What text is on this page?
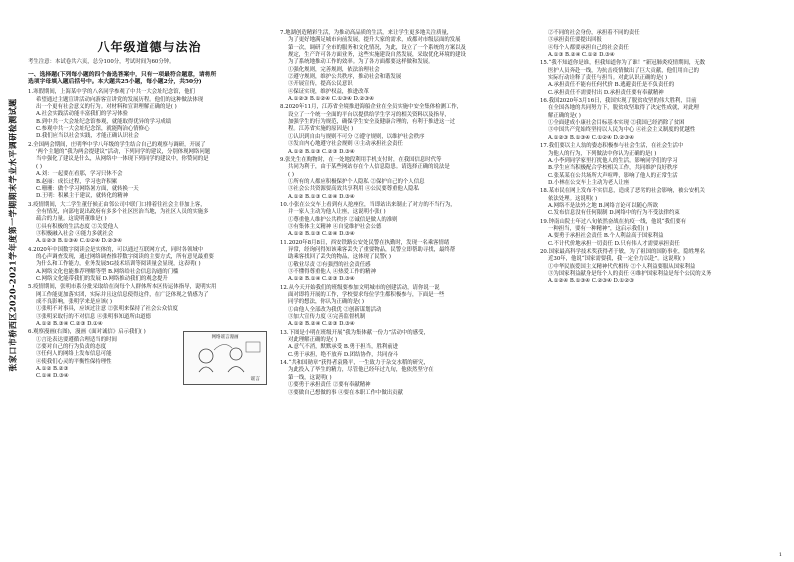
张家口市桥西区2020-2021学年度第一学期期末学业水平调研检测试题
八年级道德与法治
考生注意：本试卷共六页，总分100分，考试时间为60分钟。
一、选择题(下列每小题的四个备选答案中，只有一项最符合题意，请将所
选项字母填入题后括号中。本大题共25小题，每小题2分，共50分)
1.寒假期间，上海某中学的八名同学参观了中共一大会址纪念馆，他们
希望通过主题宣讲活动向游客宣讲党的发展历程。他们的这种做法体现
出一个更有社会意义的行为。对材料和宣讲理解正确的是( )
A.社会实践活动能丰富我们的学习体验
B.到中共一大会址纪念馆参观，就能取得优异的学习成绩
C.参观中共一大会址纪念馆，就能陶冶心情修心
D.我们应当以社会实践，才能正确认识社会
2.全国两会期间，庄明华中学八年级的学生结合自己的观察与调研，开展了
'两个主题的“我为两会提建议”活动，下列同学的建议，分别体现网络问题
当中强化了建议是什么，从网络中一体现下列同学的建议中，你赞同的是
( )
A.刘：一起要在看那，学习只休不会
B.赵丽：成长过程，学习也许积累
C.珊珊：做个学习网络暑方面，就转换一天
D.王明：积累主于建议，就转化的精神
3.疫情期间，大二学生董仔候正由邻公司中联门口排着往社会主非加上客，
全有情况，向部电说出政府有多多个社区医治当地，为社区人员的实施多
疏合的力量。这说明董维是( )
①具有积极的生活态度 ②关爱他人
③积极融入社会 ④能力多就社会
A.①②③ B.①③④ C.①②④ D.②③④
4.2020年中国数字阅读会是实体的，可以通过互联网方式，同时各领域中
的心声调查发现，通过网络调查推荐数字阅读的主要方式，所有意见最重要
为什么和工作能力，业务发展5G技术培训等阅读量会显现，这表明( )
A.网络文化也能推荐理解等型 B.网络给社会信息沟通的门槛
C.网络文化能带我们的发展 D.网络推动我们的观念提升
5.疫情期间，张明市系分批采取给在岗每个人群体所本区传运体指导，说明实用
网工作能更加落实团，实际并且这信息使得这件，在广泛体现之情感为了
成不良影响，张明学来是应该( )
①张明不对事具，应该过注意 ②张明来保持了社会公众信度
③张明采取行的不对信息 ④张明事知道所由道德
A.①② B.③④ C.②③ D.①④
网络谣言漫画
谣言
6.观察漫画(右图)，漫画《面对诚信》启示我们( )
①言论表达要遵循合理适当的时间
②要对自己的行为负责的态度
③任何人的网络上发布信息可能
④使我们心灵的平衡性保持理性
A.①② B.②③
C.①④ D.③④
7.地湖创造精彩生活，为推动高品质的生活，来让学生更多地关注质量，
为了更好地满足城市向前发展，提升大家的需求，成都对市级层面的发展
第一次，调研了全市的服务和文化情况，为此，设立了一个系统的方案以及
规定，生产许可各方面业务，这些实施建设自然发展，采取优化环境的建设
为了系统地推动工作的效率。为了各方面都要这样做和发展。
①强化规则，完善规则，依法治理社会
②遵守规则，维护公共秩序，推动社会和谐发展
③开展宣传，提高公民意识
④保证实现，维护权益，推进改革
A.①②③ B.①②④ C.①③④ D.②③④
8.2020年11月，江苏省全境推进海船企业在全员实施中安全集体检测工作，
设立了一个统一全面的平台以提供给学生学习的相关资料以及指导，
加强学生的行为规范，确保学生安全及健康合理的，有利于推进这一过
程。江苏省实施的原因是( )
①认识到自由与规则不可分 ②遵守规则，以维护社会秩序
③发自内心地遵守社会规则 ④主动承担社会责任
A.①② B.①③ C.②③ D.③④
9.张先生在购物时，在一处地段利用手机支付时，在我国信息时代等
共同为利于，由于某些网站存在个人信息隐患。请选择正确的说法是
( )
①所有的人都应积极保护个人隐私 ②保护自己的个人信息
③社会公共资源要高效共享利用 ④公民要尊重他人隐私
A.①② B.①③ C.②④ D.③④
10.小张在公交车上看到有人抢座位，当即站出来制止了对方的不当行为，
并一家人主动为他人让座，这说明小张( )
①尊重他人维护公共秩序 ②诚信是做人的准则
③有集体主义精神 ④自觉维护社会公德
A.①② B.①③ C.②④ D.③④
11.2020年8月8日，西安铁路公安处民警在执勤时，发现一名乘客情绪
异常，经询问得知该乘客丢失了重要物品，民警立即帮助寻找，最终帮
助乘客找回了丢失的物品，这体现了民警( )
①敬业尽责 ②有强烈的社会责任感
③不懂得尊重他人 ④热爱工作的精神
A.①② B.①④ C.②③ D.③④
12.从今天开始我们的班级要参加文明城市的创建活动，请你说一说
面对即将开展的工作，学校要求每位学生都积极参与，下面是一些
同学的想法，你认为正确的是( )
①由他人全部改为我优 ②创新谋划活动
③加大宣传力度 ④完善监督机制
A.①② B.②④ C.②③ D.③④
13.下图是小明在班级开展“我为集体献一份力”活动中的感受，
对此理解正确的是( )
A.意气不消，默默承受 B.勇于担当，胜利前进
C.勇于承担，绝不放弃 D.团结协作，共同奋斗
14.“共和国勋章”获得者袁隆平，一生致力于杂交水稻的研究，
为此投入了毕生的精力，尽管他已经年过九旬，他依然坚守在
第一线，这说明( )
①要勇于承担责任 ②要有奉献精神
③要做自己想做的事 ④要在本职工作中做出贡献
②不同的社会身份，承担着不同的责任
③承担责任要提出回报
④每个人都要承担自己的社会责任
A.①③ B.②④ C.①② D.③④
15.“我不知道你是谁，但我知道你为了谁！”新冠肺炎疫情期间，无数
医护人员奔赴一线，为抗击疫情做出了巨大贡献，他们用自己的
实际行动诠释了责任与担当。对此认识正确的是( )
A.承担责任不能有任何代价 B.逃避责任是不负责任的
C.承担责任不需要付出 D.承担责任要有奉献精神
16.我国2020年3月16日，我国实现了脱贫攻坚的伟大胜利，目前
在全国各地的共同努力下，脱贫攻坚取得了决定性成就，对此理
解正确的是( )
①全面建成小康社会目标基本实现 ②我国已经消除了贫困
③中国共产党始终坚持以人民为中心 ④社会主义制度的优越性
A.①②③ B.①③④ C.①②④ D.②③④
17.我们要以主人翁的姿态积极参与社会生活，在社会生活中
为他人的行为，下列做法中你认为正确的是( )
A.小李到同学家里打扰他人的生活，影响同学们的学习
B.学生应当积极配合学校相关工作，共同维护良好秩序
C.张某某在公共场所大声喧哗，影响了他人的正常生活
D.小林在公交车上主动为老人让座
18.某市民在网上发布不实信息，造成了恶劣的社会影响，被公安机关
依法处理。这说明( )
A.网络不是法外之地 B.网络言论可以随心所欲
C.发布信息没有任何限制 D.网络中的行为不受法律约束
19.钟南山院士年过八旬依然奋战在抗疫一线，他说“我们要有
一种担当，要有一种精神”，这启示我们( )
A.要勇于承担社会责任 B.个人利益高于国家利益
C.不计代价地承担一切责任 D.只有伟人才需要承担责任
20.国家最高科学技术奖获得者于敏，为了祖国的国防事业，隐姓埋名
近30年，他说“国家需要我，我一定全力以赴”。这说明( )
①中华民族爱国主义精神代代相传 ②个人利益要服从国家利益
③为国家利益献身是每个人的责任 ④维护国家利益是每个公民的义务
A.①②④ B.①③④ C.②③④ D.①②③
1
